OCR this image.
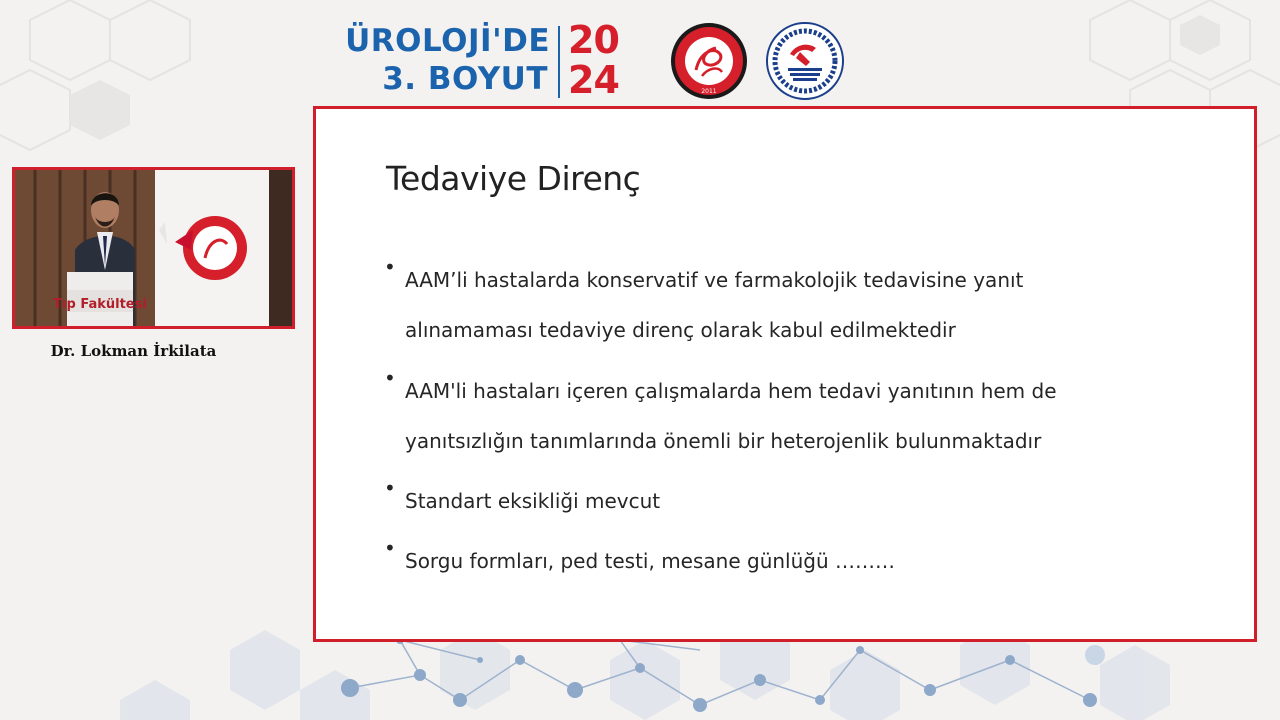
ÜROLOJİ'DE
3. BOYUT
20
24	2011
Tıp Fakültesi
Dr. Lokman İrkilata
Tedaviye Direnç
• AAM’li hastalarda konservatif ve farmakolojik tedavisine yanıt
alınamaması tedaviye direnç olarak kabul edilmektedir
• AAM'li hastaları içeren çalışmalarda hem tedavi yanıtının hem de
yanıtsızlığın tanımlarında önemli bir heterojenlik bulunmaktadır
• Standart eksikliği mevcut
• Sorgu formları, ped testi, mesane günlüğü ………
